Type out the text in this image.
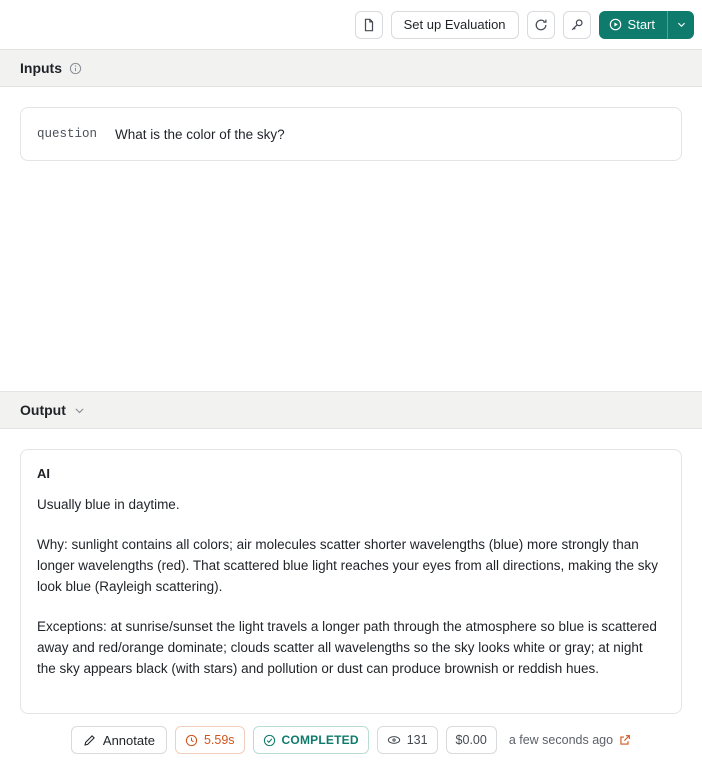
Set up Evaluation	Start
Inputs
question What is the color of the sky?
Output
AI

Usually blue in daytime.

Why: sunlight contains all colors; air molecules scatter shorter wavelengths (blue) more strongly than longer wavelengths (red). That scattered blue light reaches your eyes from all directions, making the sky look blue (Rayleigh scattering).

Exceptions: at sunrise/sunset the light travels a longer path through the atmosphere so blue is scattered away and red/orange dominate; clouds scatter all wavelengths so the sky looks white or gray; at night the sky appears black (with stars) and pollution or dust can produce brownish or reddish hues.

Annotate	5.59s	COMPLETED	131 $0.00 a few seconds ago
